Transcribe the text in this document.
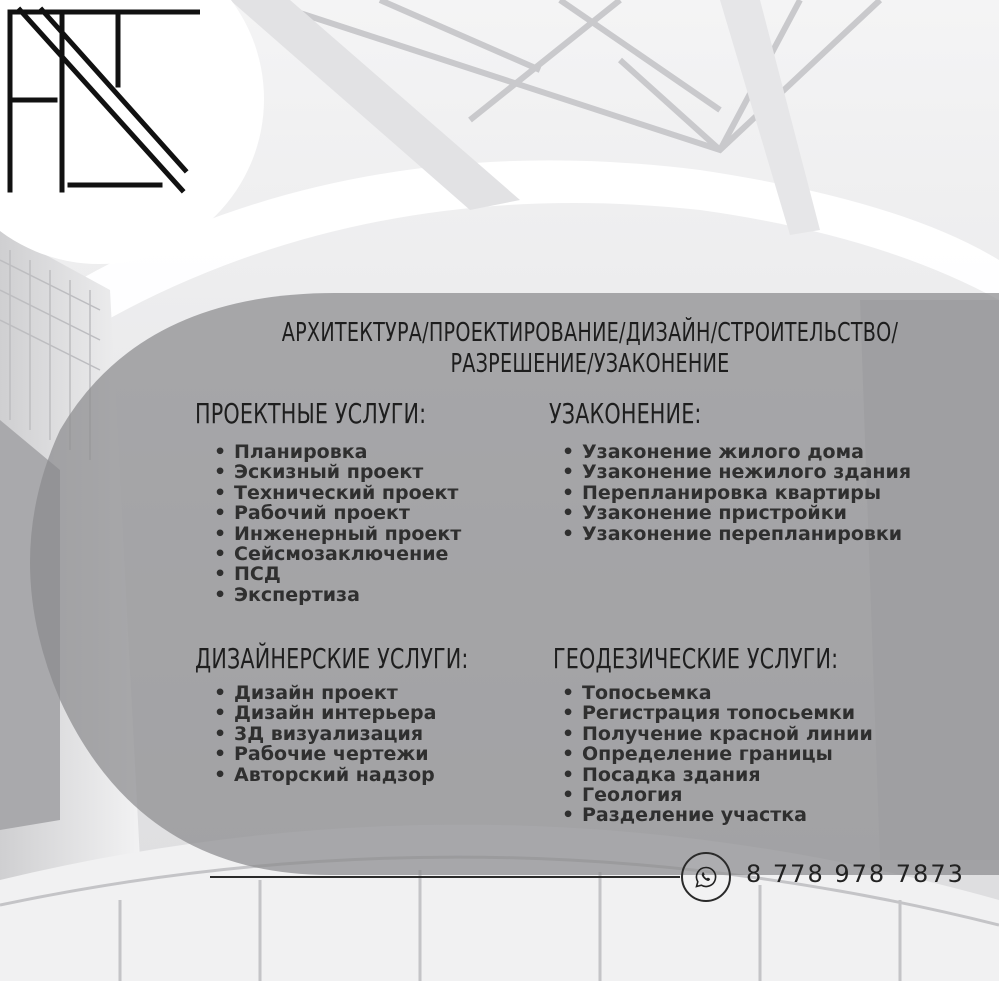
АРХИТЕКТУРА/ПРОЕКТИРОВАНИЕ/ДИЗАЙН/СТРОИТЕЛЬСТВО/
РАЗРЕШЕНИЕ/УЗАКОНЕНИЕ
ПРОЕКТНЫЕ УСЛУГИ:
• Планировка
• Эскизный проект
• Технический проект
• Рабочий проект
• Инженерный проект
• Сейсмозаключение
• ПСД
• Экспертиза
УЗАКОНЕНИЕ:
• Узаконение жилого дома
• Узаконение нежилого здания
• Перепланировка квартиры
• Узаконение пристройки
• Узаконение перепланировки
ДИЗАЙНЕРСКИЕ УСЛУГИ:
• Дизайн проект
• Дизайн интерьера
• 3Д визуализация
• Рабочие чертежи
• Авторский надзор
ГЕОДЕЗИЧЕСКИЕ УСЛУГИ:
• Топосьемка
• Регистрация топосьемки
• Получение красной линии
• Определение границы
• Посадка здания
• Геология
• Разделение участка
8 778 978 7873
